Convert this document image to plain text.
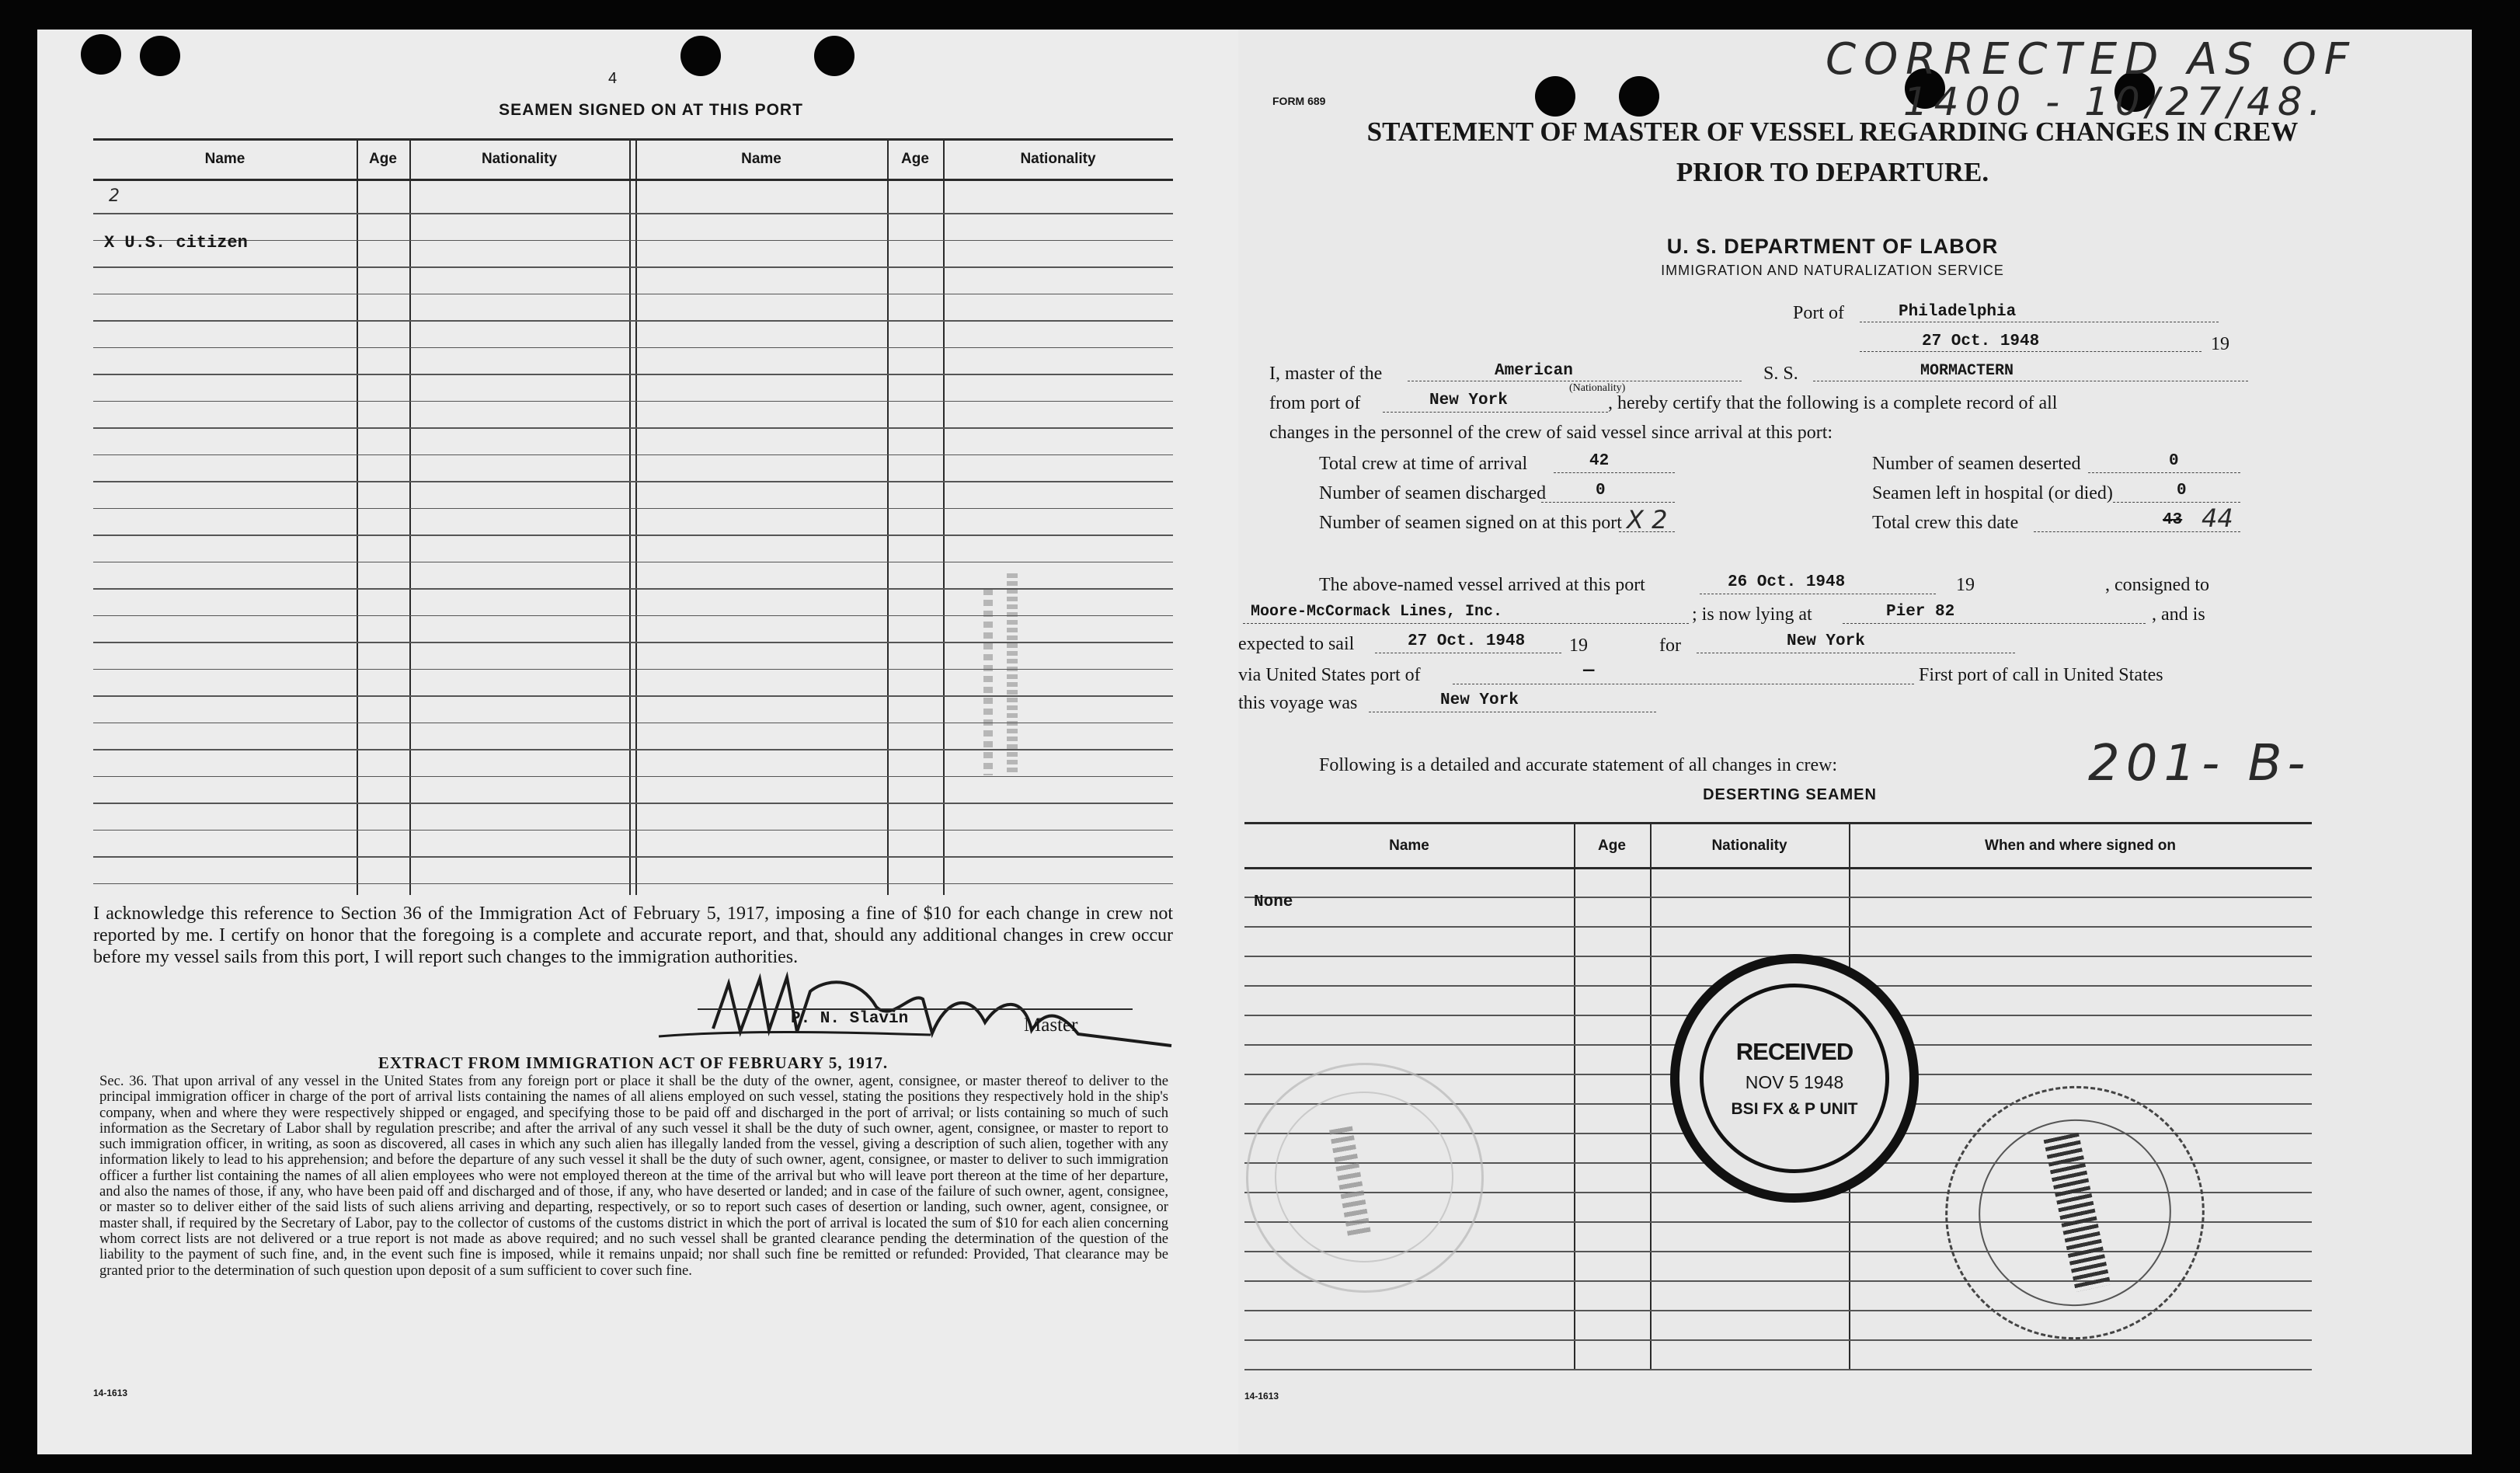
4
SEAMEN SIGNED ON AT THIS PORT
Name	Age	Nationality	Name	Age	Nationality
2
X U.S. citizen
I acknowledge this reference to Section 36 of the Immigration Act of February 5, 1917, imposing a fine of $10 for each change in crew not reported by me. I certify on honor that the foregoing is a complete and accurate report, and that, should any additional changes in crew occur before my vessel sails from this port, I will report such changes to the immigration authorities.
P. N. Slavin	Master
EXTRACT FROM IMMIGRATION ACT OF FEBRUARY 5, 1917.
Sec. 36. That upon arrival of any vessel in the United States from any foreign port or place it shall be the duty of the owner, agent, consignee, or master thereof to deliver to the principal immigration officer in charge of the port of arrival lists containing the names of all aliens employed on such vessel, stating the positions they respectively hold in the ship's company, when and where they were respectively shipped or engaged, and specifying those to be paid off and discharged in the port of arrival; or lists containing so much of such information as the Secretary of Labor shall by regulation prescribe; and after the arrival of any such vessel it shall be the duty of such owner, agent, consignee, or master to report to such immigration officer, in writing, as soon as discovered, all cases in which any such alien has illegally landed from the vessel, giving a description of such alien, together with any information likely to lead to his apprehension; and before the departure of any such vessel it shall be the duty of such owner, agent, consignee, or master to deliver to such immigration officer a further list containing the names of all alien employees who were not employed thereon at the time of the arrival but who will leave port thereon at the time of her departure, and also the names of those, if any, who have been paid off and discharged and of those, if any, who have deserted or landed; and in case of the failure of such owner, agent, consignee, or master so to deliver either of the said lists of such aliens arriving and departing, respectively, or so to report such cases of desertion or landing, such owner, agent, consignee, or master shall, if required by the Secretary of Labor, pay to the collector of customs of the customs district in which the port of arrival is located the sum of $10 for each alien concerning whom correct lists are not delivered or a true report is not made as above required; and no such vessel shall be granted clearance pending the determination of the question of the liability to the payment of such fine, and, in the event such fine is imposed, while it remains unpaid; nor shall such fine be remitted or refunded: Provided, That clearance may be granted prior to the determination of such question upon deposit of a sum sufficient to cover such fine.
14-1613
CORRECTED AS OF
1400 - 10/27/48.
FORM 689
STATEMENT OF MASTER OF VESSEL REGARDING CHANGES IN CREW
PRIOR TO DEPARTURE.
U. S. DEPARTMENT OF LABOR
IMMIGRATION AND NATURALIZATION SERVICE
Port of	Philadelphia
27 Oct. 1948	19
I, master of the	American	S. S.	MORMACTERN
(Nationality)
from port of	New York	, hereby certify that the following is a complete record of all
changes in the personnel of the crew of said vessel since arrival at this port:
Total crew at time of arrival	42
Number of seamen discharged	0
Number of seamen signed on at this port X 2
Number of seamen deserted	0
Seamen left in hospital (or died)	0
Total crew this date	43 44
The above-named vessel arrived at this port	26 Oct. 1948	19	, consigned to
Moore-McCormack Lines, Inc.	; is now lying at	Pier 82	, and is
expected to sail	27 Oct. 1948 19	for	New York
via United States port of	—	First port of call in United States
this voyage was	New York
Following is a detailed and accurate statement of all changes in crew:	201- B-
DESERTING SEAMEN
Name	Age	Nationality	When and where signed on
None
RECEIVED
NOV 5 1948
BSI FX & P UNIT
14-1613
